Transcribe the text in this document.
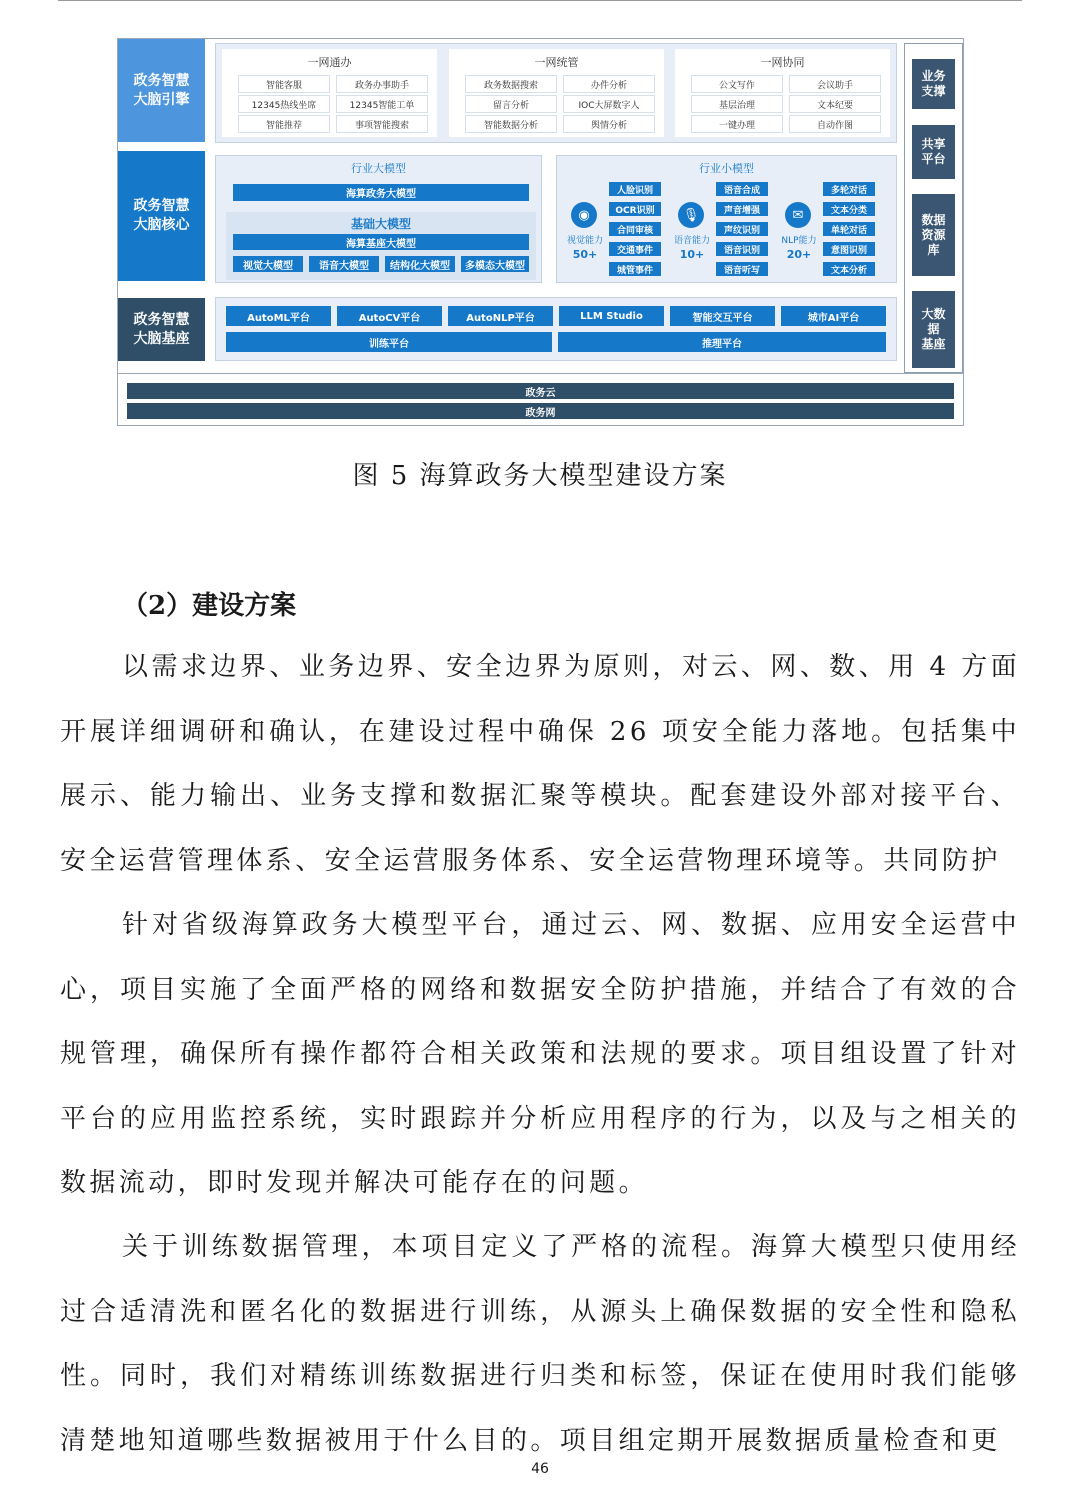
政务智慧
大脑引擎
政务智慧
大脑核心
政务智慧
大脑基座
行业大模型
海算政务大模型
基础大模型
海算基座大模型
视觉大模型	语音大模型	结构化大模型	多模态大模型
行业小模型
◉
视觉能力
50+
人脸识别
OCR识别
合同审核
交通事件
城管事件
🎙
语音能力
10+
语音合成
声音增强
声纹识别
语音识别
语音听写
✉
NLP能力
20+
多轮对话
文本分类
单轮对话
意图识别
文本分析
训练平台	推理平台
业务
支撑
共享
平台
数据
资源
库
大数
据
基座
政务云
政务网
一网通办
智能客服	政务办事助手
12345热线坐席	12345智能工单
智能推荐	事项智能搜索
一网统管
政务数据搜索	办件分析
留言分析	IOC大屏数字人
智能数据分析	舆情分析
一网协同
公文写作	会议助手
基层治理	文本纪要
一键办理	自动作图
AutoML平台	AutoCV平台	AutoNLP平台	LLM Studio	智能交互平台	城市AI平台
图 5 海算政务大模型建设方案
（2）建设方案

以需求边界、业务边界、安全边界为原则，对云、网、数、用 4 方面开展详细调研和确认，在建设过程中确保 26 项安全能力落地。包括集中展示、能力输出、业务支撑和数据汇聚等模块。配套建设外部对接平台、安全运营管理体系、安全运营服务体系、安全运营物理环境等。共同防护

针对省级海算政务大模型平台，通过云、网、数据、应用安全运营中心，项目实施了全面严格的网络和数据安全防护措施，并结合了有效的合规管理，确保所有操作都符合相关政策和法规的要求。项目组设置了针对平台的应用监控系统，实时跟踪并分析应用程序的行为，以及与之相关的数据流动，即时发现并解决可能存在的问题。

关于训练数据管理，本项目定义了严格的流程。海算大模型只使用经过合适清洗和匿名化的数据进行训练，从源头上确保数据的安全性和隐私性。同时，我们对精练训练数据进行归类和标签，保证在使用时我们能够清楚地知道哪些数据被用于什么目的。项目组定期开展数据质量检查和更

46
